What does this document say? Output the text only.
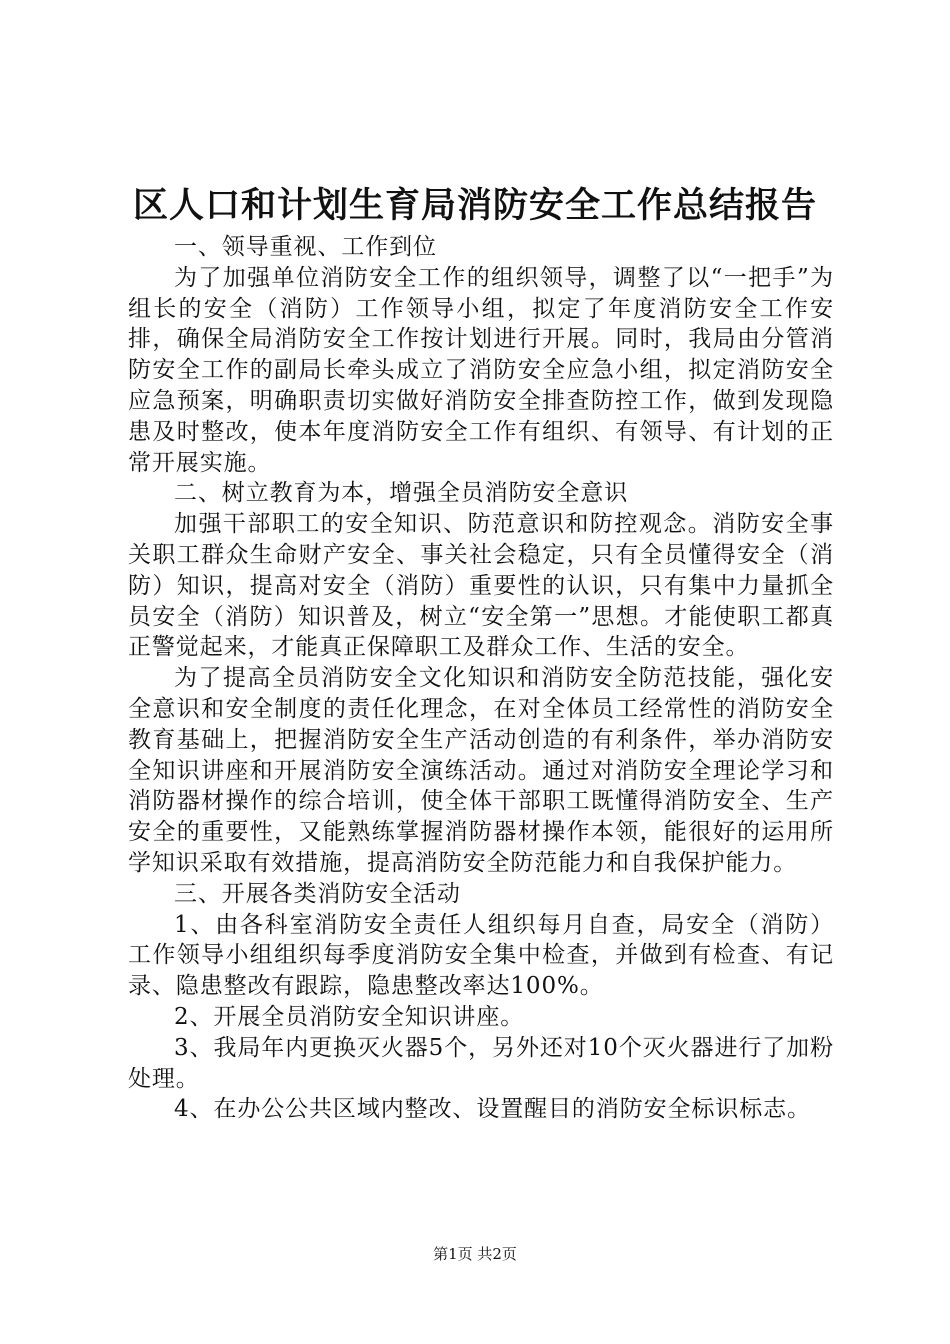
区人口和计划生育局消防安全工作总结报告

一、领导重视、工作到位

为了加强单位消防安全工作的组织领导，调整了以“一把手”为组长的安全（消防）工作领导小组，拟定了年度消防安全工作安排，确保全局消防安全工作按计划进行开展。同时，我局由分管消防安全工作的副局长牵头成立了消防安全应急小组，拟定消防安全应急预案，明确职责切实做好消防安全排查防控工作，做到发现隐患及时整改，使本年度消防安全工作有组织、有领导、有计划的正常开展实施。

二、树立教育为本，增强全员消防安全意识

加强干部职工的安全知识、防范意识和防控观念。消防安全事关职工群众生命财产安全、事关社会稳定，只有全员懂得安全（消防）知识，提高对安全（消防）重要性的认识，只有集中力量抓全员安全（消防）知识普及，树立“安全第一”思想。才能使职工都真正警觉起来，才能真正保障职工及群众工作、生活的安全。

为了提高全员消防安全文化知识和消防安全防范技能，强化安全意识和安全制度的责任化理念，在对全体员工经常性的消防安全教育基础上，把握消防安全生产活动创造的有利条件，举办消防安全知识讲座和开展消防安全演练活动。通过对消防安全理论学习和消防器材操作的综合培训，使全体干部职工既懂得消防安全、生产安全的重要性，又能熟练掌握消防器材操作本领，能很好的运用所学知识采取有效措施，提高消防安全防范能力和自我保护能力。

三、开展各类消防安全活动

1、由各科室消防安全责任人组织每月自查，局安全（消防）工作领导小组组织每季度消防安全集中检查，并做到有检查、有记录、隐患整改有跟踪，隐患整改率达100%。

2、开展全员消防安全知识讲座。

3、我局年内更换灭火器5个，另外还对10个灭火器进行了加粉处理。

4、在办公公共区域内整改、设置醒目的消防安全标识标志。

第1页 共2页
